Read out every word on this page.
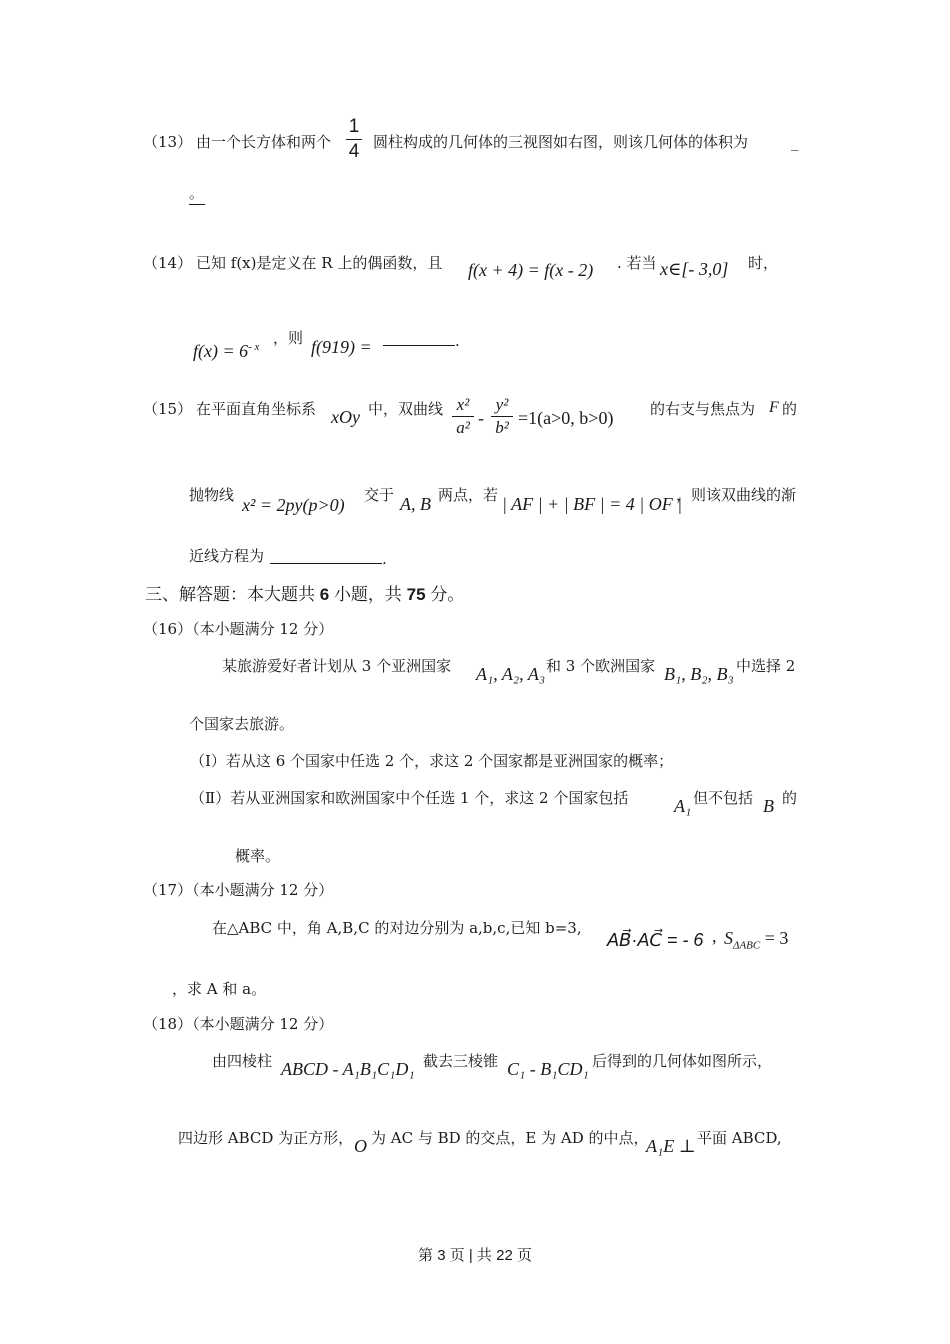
（13） 由一个长方体和两个
1
4 圆柱构成的几何体的三视图如右图，则该几何体的体积为	_
。
（14） 已知 f(x)是定义在 R 上的偶函数，且 f(x + 4) = f(x - 2) . 若当 x∈[- 3,0] 时，
$f(x) = 6^{- x}$ ，则 f(919) =	.
（15） 在平面直角坐标系 xOy 中，双曲线 x²
a² -
y²
b² =1(a>0, b>0) 的右支与焦点为 F 的
抛物线 x² = 2py(p>0) 交于 A, B 两点，若 | AF | + | BF | = 4 | OF |
，则该双曲线的渐
近线方程为	.
三、解答题：本大题共 6 小题，共 75 分。
（16）（本小题满分 12 分）
某旅游爱好者计划从 3 个亚洲国家 A₁, A₂, A₃ 和 3 个欧洲国家 B₁, B₂, B₃ 中选择 2
个国家去旅游。
（Ⅰ）若从这 6 个国家中任选 2 个，求这 2 个国家都是亚洲国家的概率；
（Ⅱ）若从亚洲国家和欧洲国家中个任选 1 个，求这 2 个国家包括	A₁ 但不包括 B 的
概率。
（17）（本小题满分 12 分）
在△ABC 中，角 A,B,C 的对边分别为 a,b,c,已知 b=3,
AB⃗·AC⃗ = - 6 , $S_{\Delta ABC} = 3$
，求 A 和 a。
（18）（本小题满分 12 分）
由四棱柱 ABCD - A₁B₁C₁D₁ 截去三棱锥 C₁ - B₁CD₁ 后得到的几何体如图所示，
四边形 ABCD 为正方形， O 为 AC 与 BD 的交点，E 为 AD 的中点，
A₁E ⊥ 平面 ABCD,
第 3 页 | 共 22 页
